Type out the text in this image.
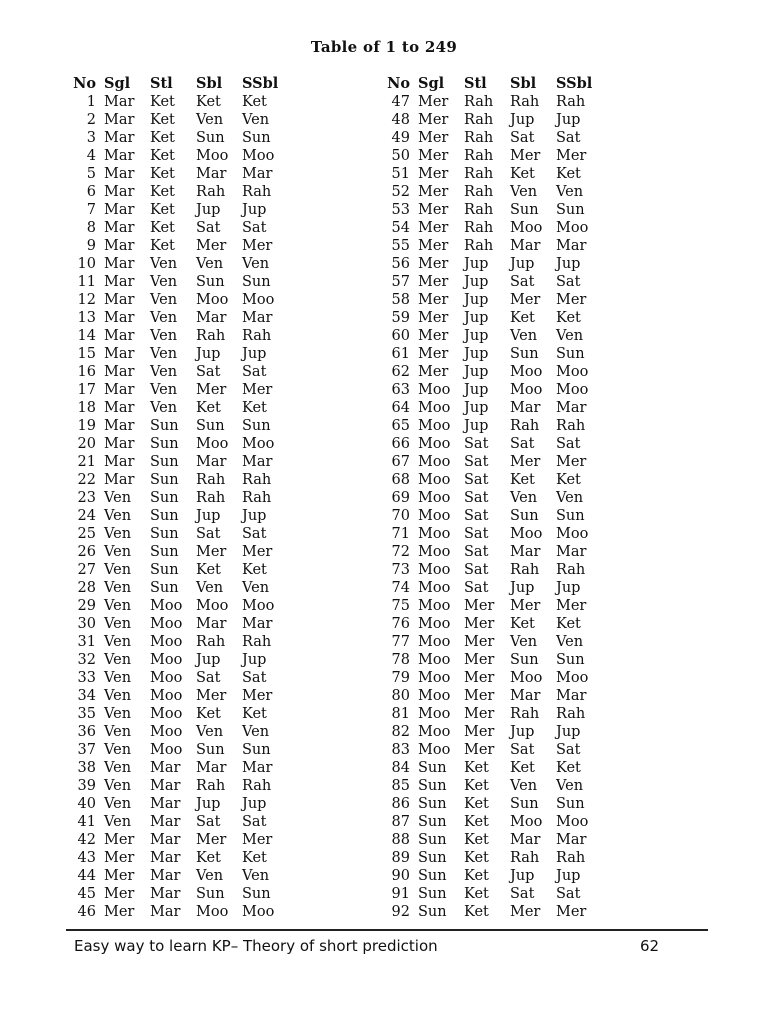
Table of 1 to 249
No	Sgl	Stl	Sbl	SSbl
1	Mar	Ket	Ket	Ket
2	Mar	Ket	Ven	Ven
3	Mar	Ket	Sun	Sun
4	Mar	Ket	Moo	Moo
5	Mar	Ket	Mar	Mar
6	Mar	Ket	Rah	Rah
7	Mar	Ket	Jup	Jup
8	Mar	Ket	Sat	Sat
9	Mar	Ket	Mer	Mer
10	Mar	Ven	Ven	Ven
11	Mar	Ven	Sun	Sun
12	Mar	Ven	Moo	Moo
13	Mar	Ven	Mar	Mar
14	Mar	Ven	Rah	Rah
15	Mar	Ven	Jup	Jup
16	Mar	Ven	Sat	Sat
17	Mar	Ven	Mer	Mer
18	Mar	Ven	Ket	Ket
19	Mar	Sun	Sun	Sun
20	Mar	Sun	Moo	Moo
21	Mar	Sun	Mar	Mar
22	Mar	Sun	Rah	Rah
23	Ven	Sun	Rah	Rah
24	Ven	Sun	Jup	Jup
25	Ven	Sun	Sat	Sat
26	Ven	Sun	Mer	Mer
27	Ven	Sun	Ket	Ket
28	Ven	Sun	Ven	Ven
29	Ven	Moo	Moo	Moo
30	Ven	Moo	Mar	Mar
31	Ven	Moo	Rah	Rah
32	Ven	Moo	Jup	Jup
33	Ven	Moo	Sat	Sat
34	Ven	Moo	Mer	Mer
35	Ven	Moo	Ket	Ket
36	Ven	Moo	Ven	Ven
37	Ven	Moo	Sun	Sun
38	Ven	Mar	Mar	Mar
39	Ven	Mar	Rah	Rah
40	Ven	Mar	Jup	Jup
41	Ven	Mar	Sat	Sat
42	Mer	Mar	Mer	Mer
43	Mer	Mar	Ket	Ket
44	Mer	Mar	Ven	Ven
45	Mer	Mar	Sun	Sun
46	Mer	Mar	Moo	Moo
No	Sgl	Stl	Sbl	SSbl
47	Mer	Rah	Rah	Rah
48	Mer	Rah	Jup	Jup
49	Mer	Rah	Sat	Sat
50	Mer	Rah	Mer	Mer
51	Mer	Rah	Ket	Ket
52	Mer	Rah	Ven	Ven
53	Mer	Rah	Sun	Sun
54	Mer	Rah	Moo	Moo
55	Mer	Rah	Mar	Mar
56	Mer	Jup	Jup	Jup
57	Mer	Jup	Sat	Sat
58	Mer	Jup	Mer	Mer
59	Mer	Jup	Ket	Ket
60	Mer	Jup	Ven	Ven
61	Mer	Jup	Sun	Sun
62	Mer	Jup	Moo	Moo
63	Moo	Jup	Moo	Moo
64	Moo	Jup	Mar	Mar
65	Moo	Jup	Rah	Rah
66	Moo	Sat	Sat	Sat
67	Moo	Sat	Mer	Mer
68	Moo	Sat	Ket	Ket
69	Moo	Sat	Ven	Ven
70	Moo	Sat	Sun	Sun
71	Moo	Sat	Moo	Moo
72	Moo	Sat	Mar	Mar
73	Moo	Sat	Rah	Rah
74	Moo	Sat	Jup	Jup
75	Moo	Mer	Mer	Mer
76	Moo	Mer	Ket	Ket
77	Moo	Mer	Ven	Ven
78	Moo	Mer	Sun	Sun
79	Moo	Mer	Moo	Moo
80	Moo	Mer	Mar	Mar
81	Moo	Mer	Rah	Rah
82	Moo	Mer	Jup	Jup
83	Moo	Mer	Sat	Sat
84	Sun	Ket	Ket	Ket
85	Sun	Ket	Ven	Ven
86	Sun	Ket	Sun	Sun
87	Sun	Ket	Moo	Moo
88	Sun	Ket	Mar	Mar
89	Sun	Ket	Rah	Rah
90	Sun	Ket	Jup	Jup
91	Sun	Ket	Sat	Sat
92	Sun	Ket	Mer	Mer
Easy way to learn KP– Theory of short prediction	62
